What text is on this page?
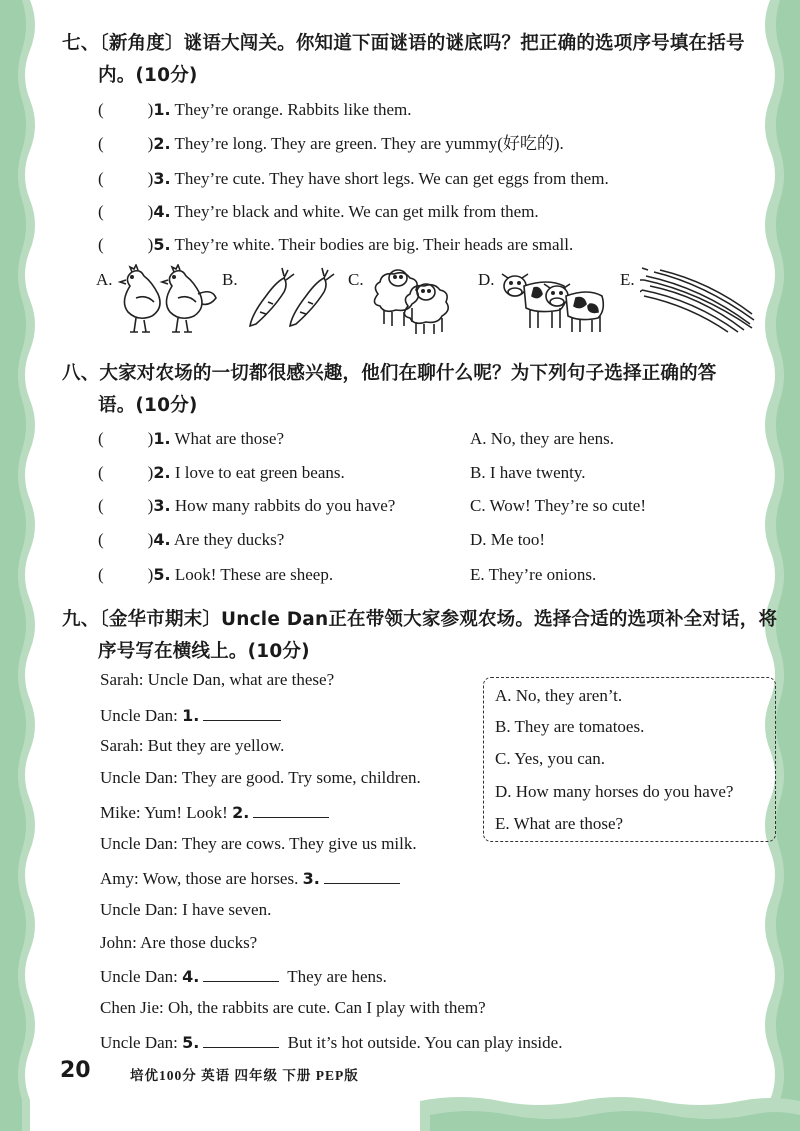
七、〔新角度〕谜语大闯关。你知道下面谜语的谜底吗？把正确的选项序号填在括号
内。(10分)
(	)1. They’re orange. Rabbits like them.
(	)2. They’re long. They are green. They are yummy(好吃的).
(	)3. They’re cute. They have short legs. We can get eggs from them.
(	)4. They’re black and white. We can get milk from them.
(	)5. They’re white. Their bodies are big. Their heads are small.
A.	B.	C.	D.	E.
八、大家对农场的一切都很感兴趣，他们在聊什么呢？为下列句子选择正确的答
语。(10分)
(	)1. What are those?	A. No, they are hens.
(	)2. I love to eat green beans.	B. I have twenty.
(	)3. How many rabbits do you have?	C. Wow! They’re so cute!
(	)4. Are they ducks?	D. Me too!
(	)5. Look! These are sheep.	E. They’re onions.
九、〔金华市期末〕Uncle Dan正在带领大家参观农场。选择合适的选项补全对话，将
序号写在横线上。(10分)
Sarah: Uncle Dan, what are these?
Uncle Dan: 1.
Sarah: But they are yellow.
Uncle Dan: They are good. Try some, children.
Mike: Yum! Look! 2.
Uncle Dan: They are cows. They give us milk.
Amy: Wow, those are horses. 3.
Uncle Dan: I have seven.
John: Are those ducks?
Uncle Dan: 4.	They are hens.
Chen Jie: Oh, the rabbits are cute. Can I play with them?
Uncle Dan: 5.	But it’s hot outside. You can play inside.
A. No, they aren’t.
B. They are tomatoes.
C. Yes, you can.
D. How many horses do you have?
E. What are those?
20	培优100分 英语 四年级 下册 PEP版
